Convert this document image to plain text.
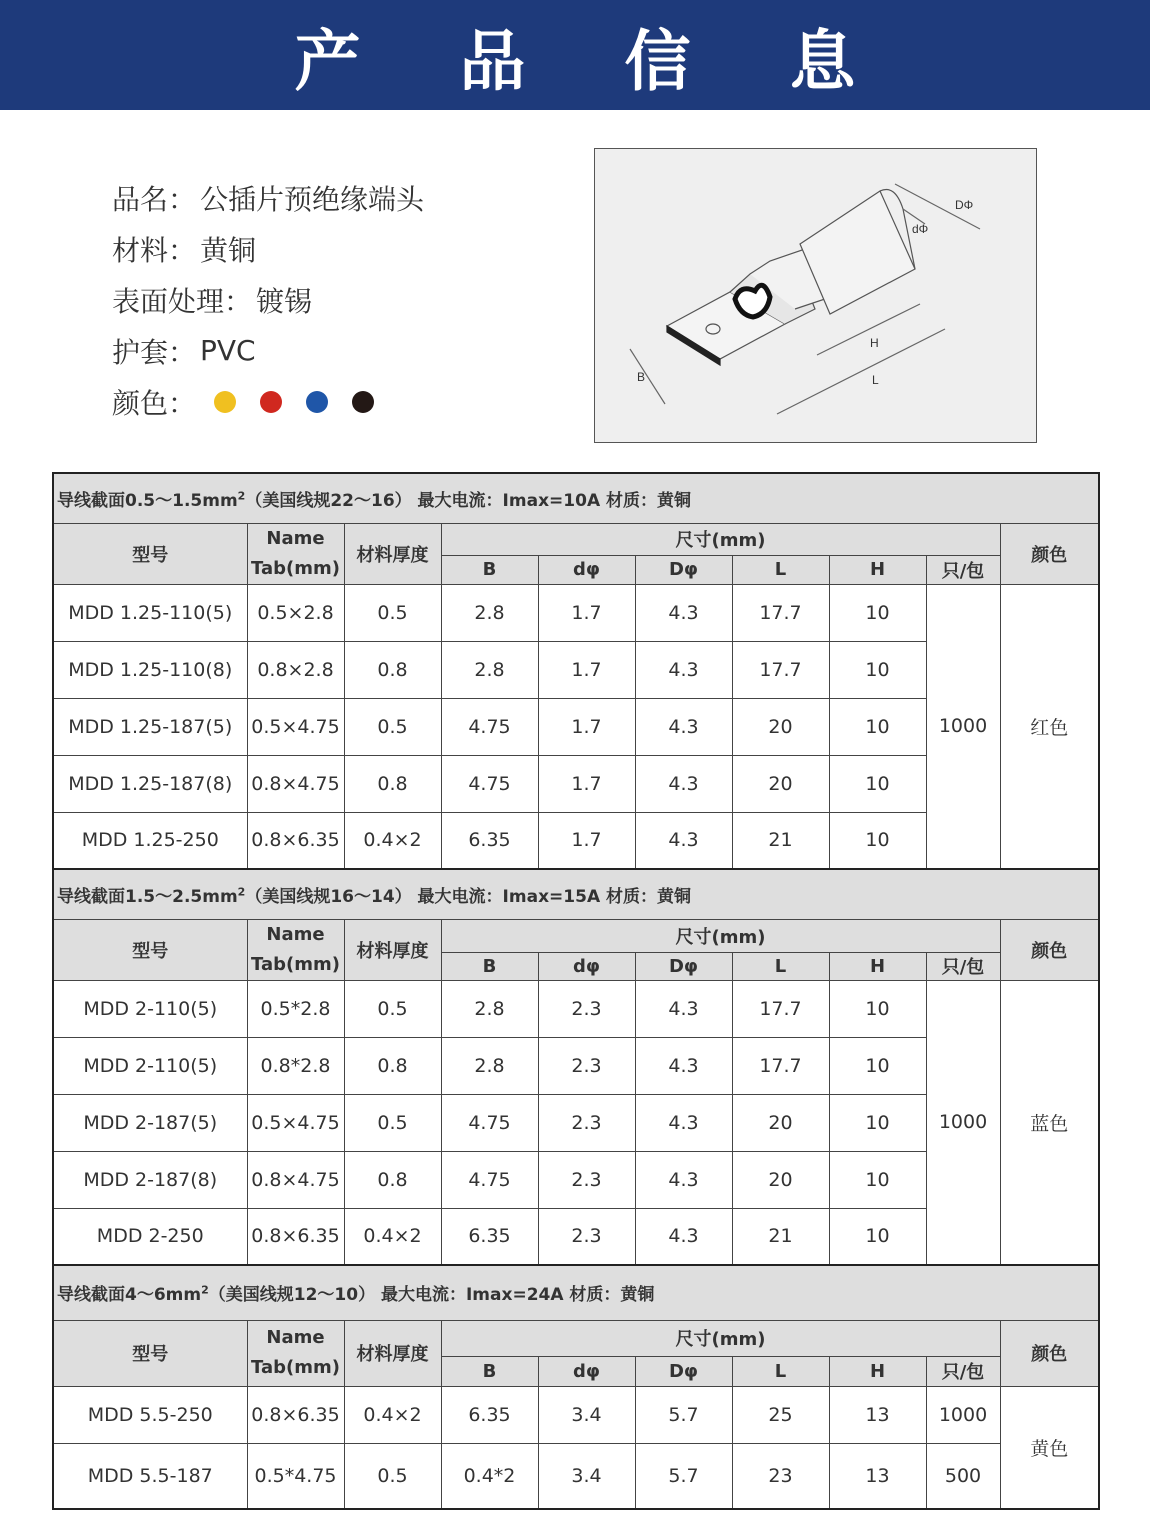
产 品 信 息
品名： 公插片预绝缘端头
材料： 黄铜
表面处理： 镀锡
护套： PVC
颜色：
DΦ
dΦ
B
H
L
导线截面$0.5\sim 1.5mm^2$（美国线规22～16） 最大电流：Imax=10A 材质：黄铜									
型号	Name
Tab(mm)	材料厚度	尺寸(mm)						颜色
			B	dφ	Dφ	L	H	只/包	
MDD 1.25-110(5)	0.5×2.8	0.5	2.8	1.7	4.3	17.7	10	1000	红色
MDD 1.25-110(8)	0.8×2.8	0.8	2.8	1.7	4.3	17.7	10		
MDD 1.25-187(5)	0.5×4.75	0.5	4.75	1.7	4.3	20	10		
MDD 1.25-187(8)	0.8×4.75	0.8	4.75	1.7	4.3	20	10		
MDD 1.25-250	0.8×6.35	0.4×2	6.35	1.7	4.3	21	10		
导线截面$1.5\sim 2.5mm^2$（美国线规16～14） 最大电流：Imax=15A 材质：黄铜									
型号	Name
Tab(mm)	材料厚度	尺寸(mm)						颜色
			B	dφ	Dφ	L	H	只/包	
MDD 2-110(5)	0.5*2.8	0.5	2.8	2.3	4.3	17.7	10	1000	蓝色
MDD 2-110(5)	0.8*2.8	0.8	2.8	2.3	4.3	17.7	10		
MDD 2-187(5)	0.5×4.75	0.5	4.75	2.3	4.3	20	10		
MDD 2-187(8)	0.8×4.75	0.8	4.75	2.3	4.3	20	10		
MDD 2-250	0.8×6.35	0.4×2	6.35	2.3	4.3	21	10		
导线截面$4\sim 6mm^2$（美国线规12～10） 最大电流：Imax=24A 材质：黄铜									
型号	Name
Tab(mm)	材料厚度	尺寸(mm)						颜色
			B	dφ	Dφ	L	H	只/包	
MDD 5.5-250	0.8×6.35	0.4×2	6.35	3.4	5.7	25	13	1000	黄色
MDD 5.5-187	0.5*4.75	0.5	0.4*2	3.4	5.7	23	13	500	
